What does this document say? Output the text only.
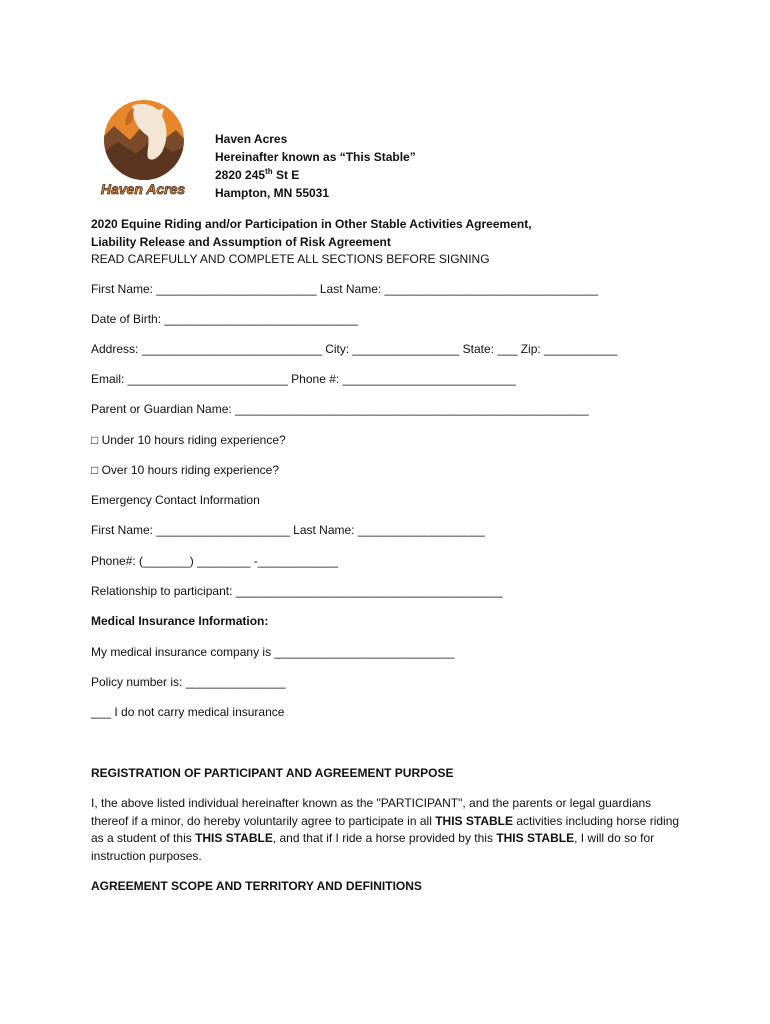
Haven Acres
Haven Acres
Hereinafter known as “This Stable”
2820 245th St E
Hampton, MN 55031
2020 Equine Riding and/or Participation in Other Stable Activities Agreement,
Liability Release and Assumption of Risk Agreement
READ CAREFULLY AND COMPLETE ALL SECTIONS BEFORE SIGNING
First Name: ________________________ Last Name: ________________________________
Date of Birth: _____________________________
Address: ___________________________ City: ________________ State: ___ Zip: ___________
Email: ________________________ Phone #: __________________________
Parent or Guardian Name: _____________________________________________________
□ Under 10 hours riding experience?
□ Over 10 hours riding experience?
Emergency Contact Information
First Name: ____________________ Last Name: ___________________
Phone#: (_______) ________ -____________
Relationship to participant: ________________________________________
Medical Insurance Information:
My medical insurance company is ___________________________
Policy number is: _______________
___ I do not carry medical insurance
REGISTRATION OF PARTICIPANT AND AGREEMENT PURPOSE
I, the above listed individual hereinafter known as the "PARTICIPANT", and the parents or legal guardians thereof if a minor, do hereby voluntarily agree to participate in all THIS STABLE activities including horse riding as a student of this THIS STABLE, and that if I ride a horse provided by this THIS STABLE, I will do so for instruction purposes.
AGREEMENT SCOPE AND TERRITORY AND DEFINITIONS
